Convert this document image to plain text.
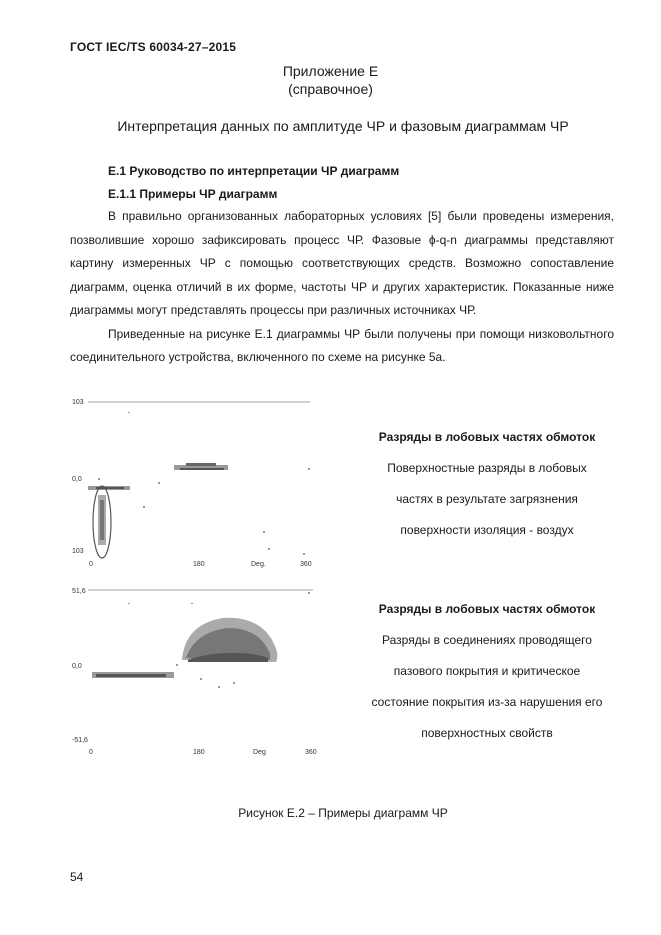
ГОСТ IEC/TS 60034-27–2015
Приложение Е
(справочное)
Интерпретация данных по амплитуде ЧР и фазовым диаграммам ЧР
Е.1 Руководство по интерпретации ЧР диаграмм
Е.1.1 Примеры ЧР диаграмм

В правильно организованных лабораторных условиях [5] были проведены измерения, позволившие хорошо зафиксировать процесс ЧР. Фазовые ϕ-q-n диаграммы представляют картину измеренных ЧР с помощью соответствующих средств. Возможно сопоставление диаграмм, оценка отличий в их форме, частоты ЧР и других характеристик. Показанные ниже диаграммы могут представлять процессы при различных источниках ЧР.

Приведенные на рисунке Е.1 диаграммы ЧР были получены при помощи низковольтного соединительного устройства, включенного по схеме на рисунке 5а.

103
0,0
103
0	180	Deg.	360
51,6
0,0
-51,6
0	180	Deg	360
Разряды в лобовых частях обмоток
Поверхностные разряды в лобовых
частях в результате загрязнения
поверхности изоляция - воздух
Разряды в лобовых частях обмоток
Разряды в соединениях проводящего
пазового покрытия и критическое
состояние покрытия из-за нарушения его
поверхностных свойств
Рисунок Е.2 – Примеры диаграмм ЧР
54
